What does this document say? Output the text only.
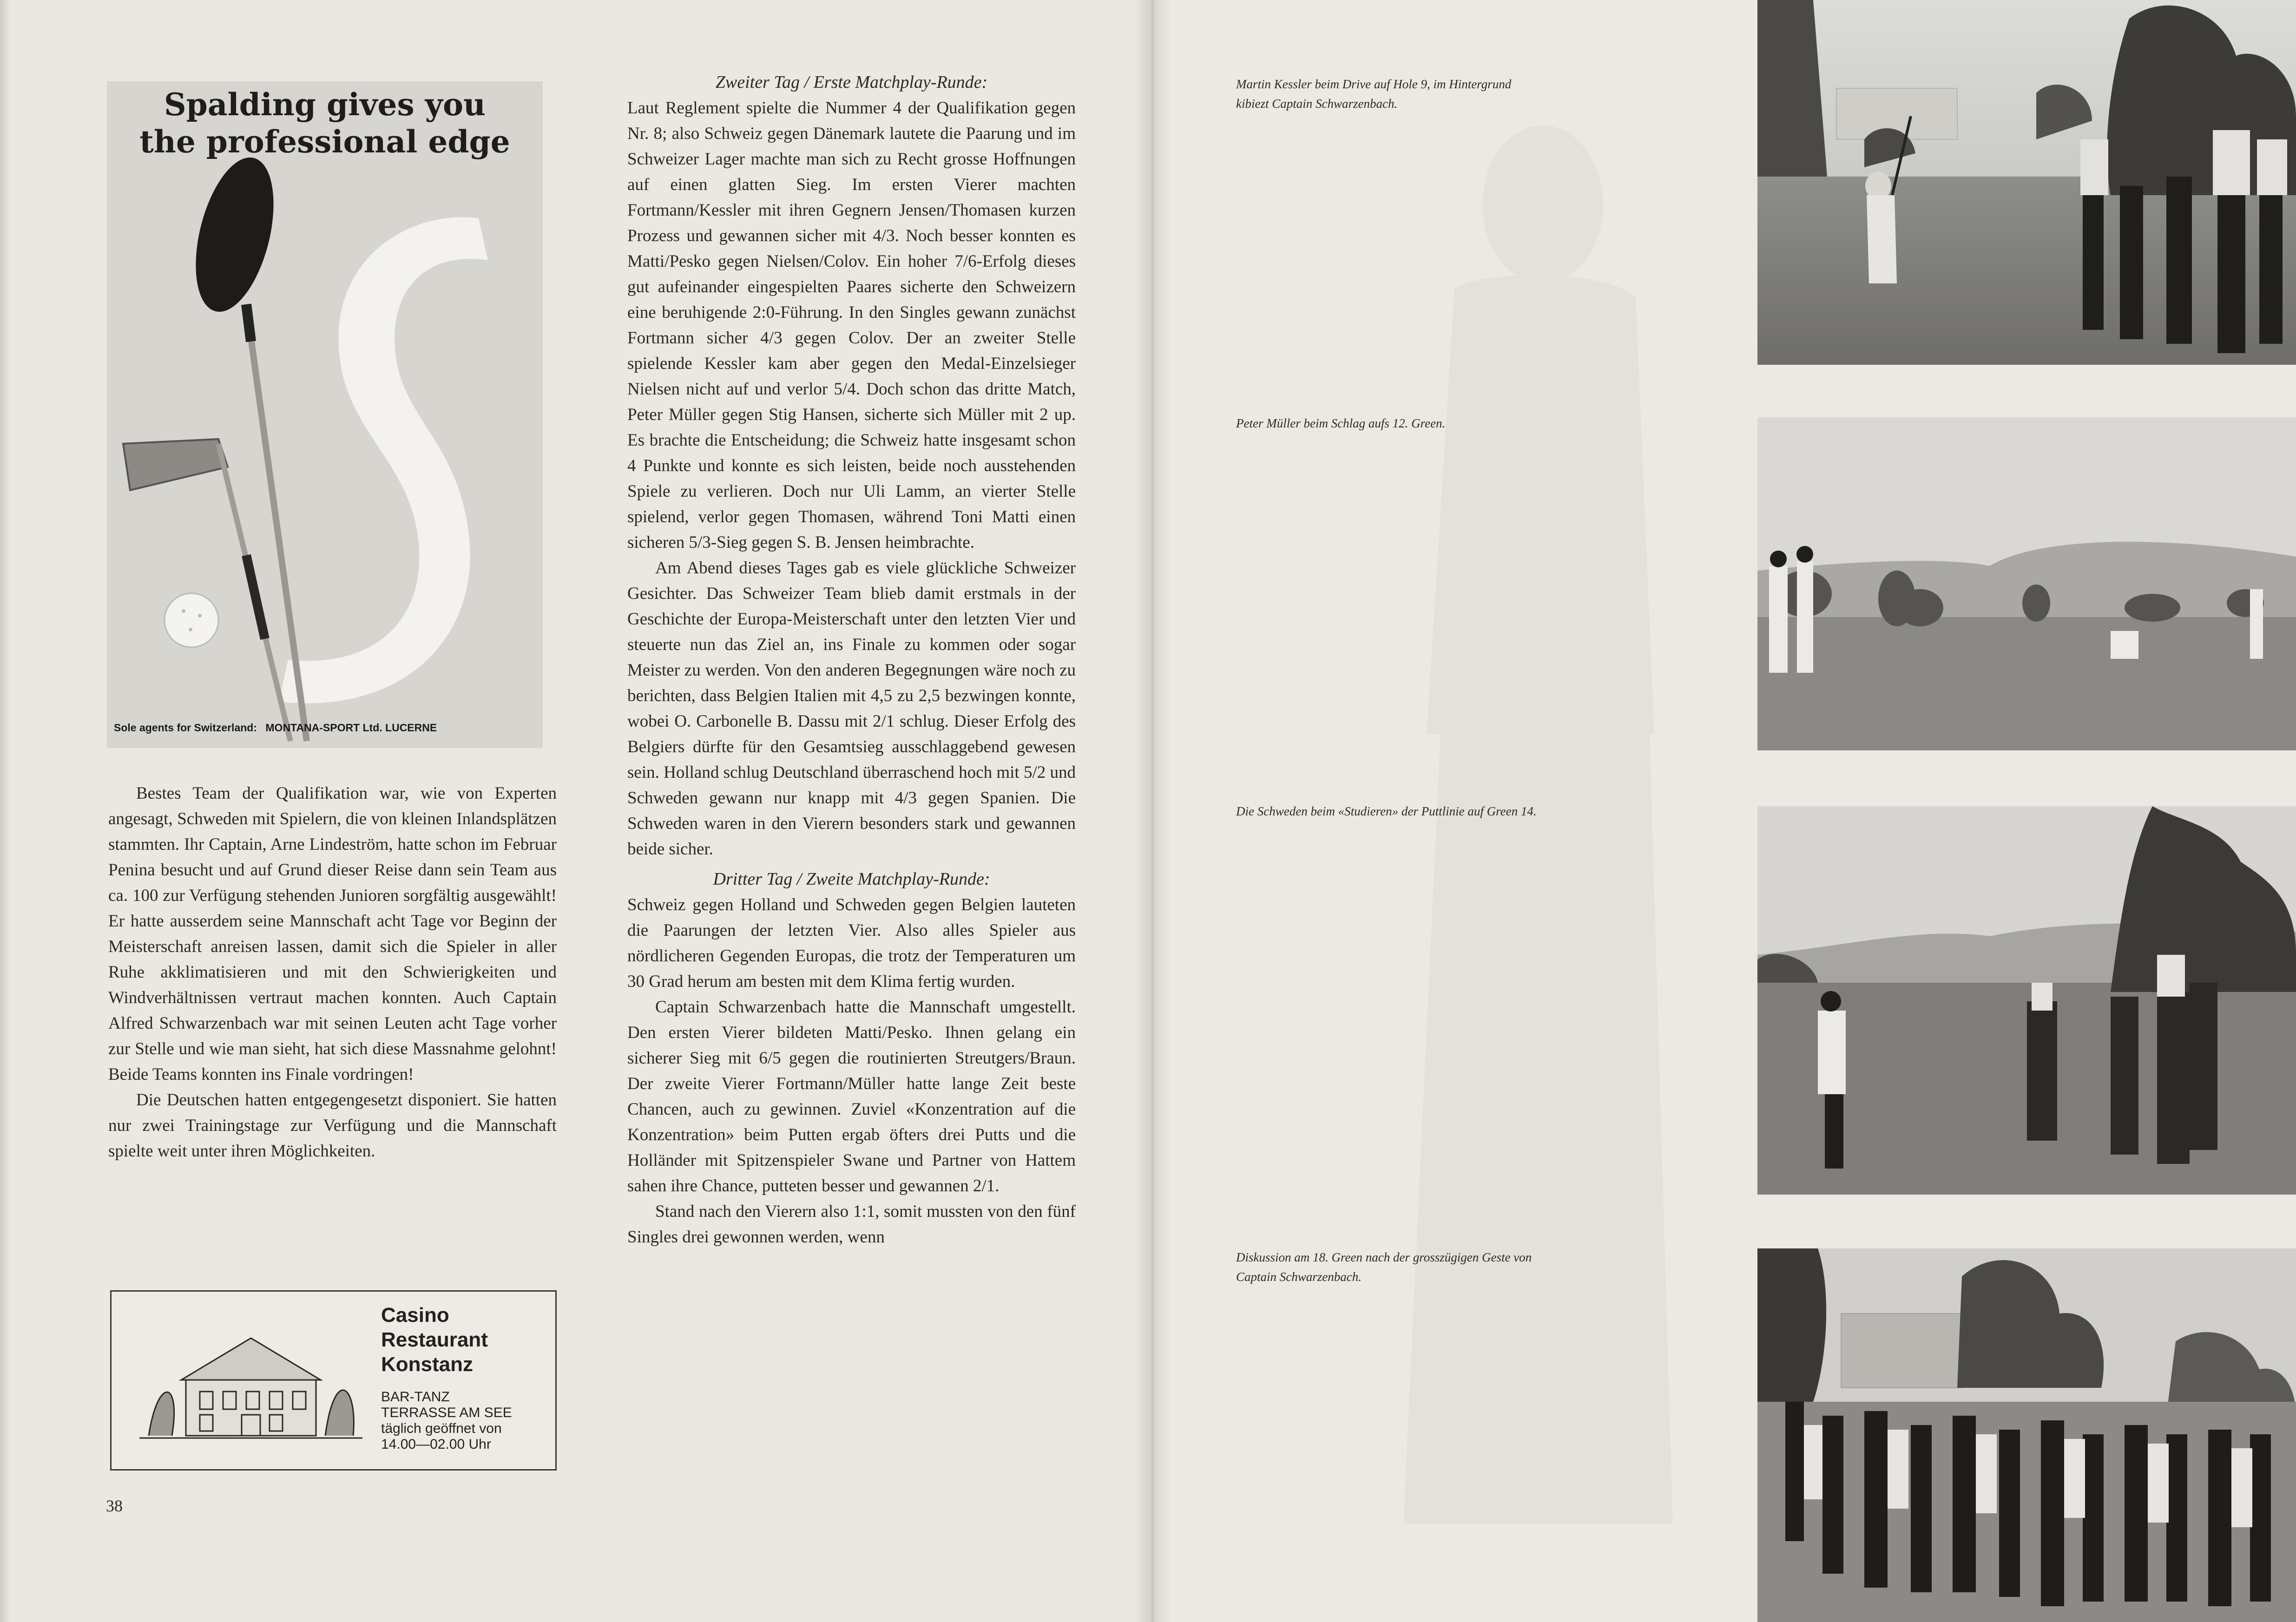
Spalding gives you
the professional edge
Sole agents for Switzerland: MONTANA-SPORT Ltd. LUCERNE

Bestes Team der Qualifikation war, wie von Experten angesagt, Schweden mit Spielern, die von kleinen Inlandsplätzen stammten. Ihr Captain, Arne Lindeström, hatte schon im Februar Penina besucht und auf Grund dieser Reise dann sein Team aus ca. 100 zur Verfügung stehenden Junioren sorgfältig ausgewählt! Er hatte ausserdem seine Mannschaft acht Tage vor Beginn der Meisterschaft anreisen lassen, damit sich die Spieler in aller Ruhe akklimatisieren und mit den Schwierigkeiten und Windverhältnissen vertraut machen konnten. Auch Captain Alfred Schwarzenbach war mit seinen Leuten acht Tage vorher zur Stelle und wie man sieht, hat sich diese Massnahme gelohnt! Beide Teams konnten ins Finale vordringen!

Die Deutschen hatten entgegengesetzt disponiert. Sie hatten nur zwei Trainingstage zur Verfügung und die Mannschaft spielte weit unter ihren Möglichkeiten.

Casino
Restaurant
Konstanz
BAR-TANZ
TERRASSE AM SEE
täglich geöffnet von
14.00—02.00 Uhr
38
Zweiter Tag / Erste Matchplay-Runde:

Laut Reglement spielte die Nummer 4 der Qualifikation gegen Nr. 8; also Schweiz gegen Dänemark lautete die Paarung und im Schweizer Lager machte man sich zu Recht grosse Hoffnungen auf einen glatten Sieg. Im ersten Vierer machten Fortmann/Kessler mit ihren Gegnern Jensen/Thomasen kurzen Prozess und gewannen sicher mit 4/3. Noch besser konnten es Matti/Pesko gegen Nielsen/Colov. Ein hoher 7/6-Erfolg dieses gut aufeinander eingespielten Paares sicherte den Schweizern eine beruhigende 2:0-Führung. In den Singles gewann zunächst Fortmann sicher 4/3 gegen Colov. Der an zweiter Stelle spielende Kessler kam aber gegen den Medal-Einzelsieger Nielsen nicht auf und verlor 5/4. Doch schon das dritte Match, Peter Müller gegen Stig Hansen, sicherte sich Müller mit 2 up. Es brachte die Entscheidung; die Schweiz hatte insgesamt schon 4 Punkte und konnte es sich leisten, beide noch ausstehenden Spiele zu verlieren. Doch nur Uli Lamm, an vierter Stelle spielend, verlor gegen Thomasen, während Toni Matti einen sicheren 5/3-Sieg gegen S. B. Jensen heimbrachte.

Am Abend dieses Tages gab es viele glückliche Schweizer Gesichter. Das Schweizer Team blieb damit erstmals in der Geschichte der Europa-Meisterschaft unter den letzten Vier und steuerte nun das Ziel an, ins Finale zu kommen oder sogar Meister zu werden. Von den anderen Begegnungen wäre noch zu berichten, dass Belgien Italien mit 4,5 zu 2,5 bezwingen konnte, wobei O. Carbonelle B. Dassu mit 2/1 schlug. Dieser Erfolg des Belgiers dürfte für den Gesamtsieg ausschlaggebend gewesen sein. Holland schlug Deutschland überraschend hoch mit 5/2 und Schweden gewann nur knapp mit 4/3 gegen Spanien. Die Schweden waren in den Vierern besonders stark und gewannen beide sicher.

Dritter Tag / Zweite Matchplay-Runde:

Schweiz gegen Holland und Schweden gegen Belgien lauteten die Paarungen der letzten Vier. Also alles Spieler aus nördlicheren Gegenden Europas, die trotz der Temperaturen um 30 Grad herum am besten mit dem Klima fertig wurden.

Captain Schwarzenbach hatte die Mannschaft umgestellt. Den ersten Vierer bildeten Matti/Pesko. Ihnen gelang ein sicherer Sieg mit 6/5 gegen die routinierten Streutgers/Braun. Der zweite Vierer Fortmann/Müller hatte lange Zeit beste Chancen, auch zu gewinnen. Zuviel «Konzentration auf die Konzentration» beim Putten ergab öfters drei Putts und die Holländer mit Spitzenspieler Swane und Partner von Hattem sahen ihre Chance, putteten besser und gewannen 2/1.

Stand nach den Vierern also 1:1, somit mussten von den fünf Singles drei gewonnen werden, wenn

Martin Kessler beim Drive auf Hole 9, im Hintergrund
kibiezt Captain Schwarzenbach.
Peter Müller beim Schlag aufs 12. Green.
Die Schweden beim «Studieren» der Puttlinie auf Green 14.
Diskussion am 18. Green nach der grosszügigen Geste von
Captain Schwarzenbach.
